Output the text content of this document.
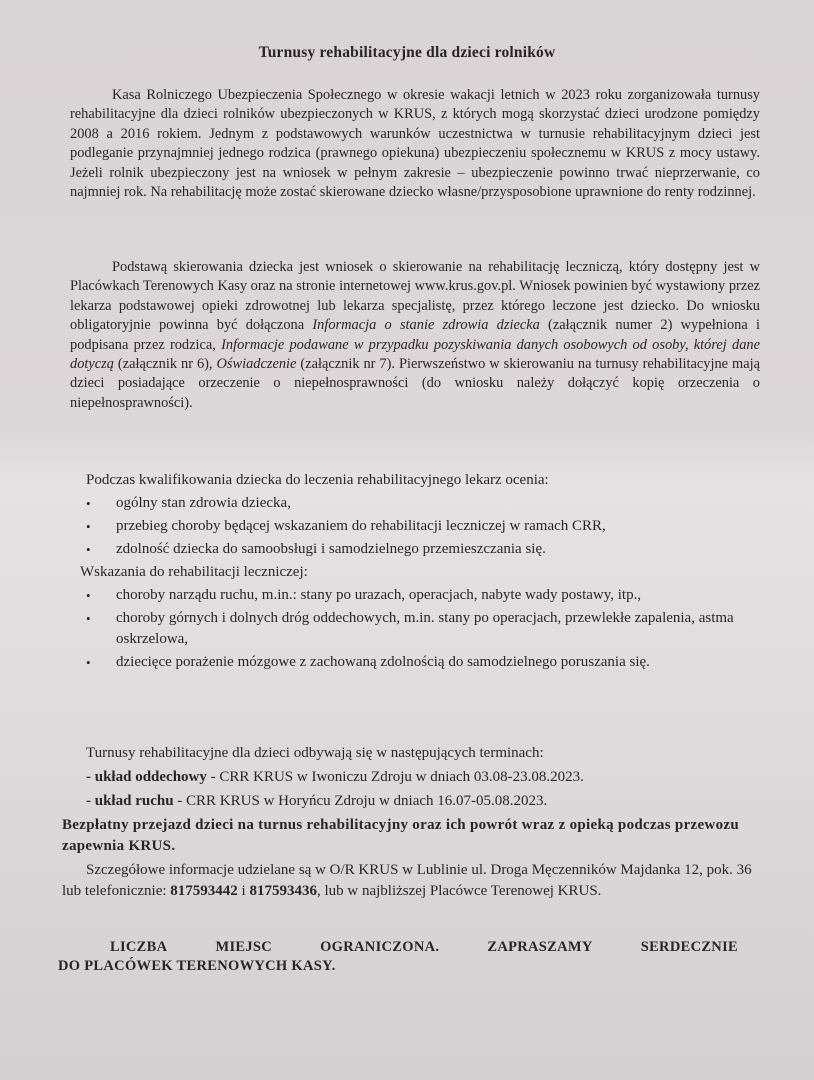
Turnusy rehabilitacyjne dla dzieci rolników
Kasa Rolniczego Ubezpieczenia Społecznego w okresie wakacji letnich w 2023 roku zorganizowała turnusy rehabilitacyjne dla dzieci rolników ubezpieczonych w KRUS, z których mogą skorzystać dzieci urodzone pomiędzy 2008 a 2016 rokiem. Jednym z podstawowych warunków uczestnictwa w turnusie rehabilitacyjnym dzieci jest podleganie przynajmniej jednego rodzica (prawnego opiekuna) ubezpieczeniu społecznemu w KRUS z mocy ustawy. Jeżeli rolnik ubezpieczony jest na wniosek w pełnym zakresie – ubezpieczenie powinno trwać nieprzerwanie, co najmniej rok. Na rehabilitację może zostać skierowane dziecko własne/przysposobione uprawnione do renty rodzinnej.
Podstawą skierowania dziecka jest wniosek o skierowanie na rehabilitację leczniczą, który dostępny jest w Placówkach Terenowych Kasy oraz na stronie internetowej www.krus.gov.pl. Wniosek powinien być wystawiony przez lekarza podstawowej opieki zdrowotnej lub lekarza specjalistę, przez którego leczone jest dziecko. Do wniosku obligatoryjnie powinna być dołączona Informacja o stanie zdrowia dziecka (załącznik numer 2) wypełniona i podpisana przez rodzica, Informacje podawane w przypadku pozyskiwania danych osobowych od osoby, której dane dotyczą (załącznik nr 6), Oświadczenie (załącznik nr 7). Pierwszeństwo w skierowaniu na turnusy rehabilitacyjne mają dzieci posiadające orzeczenie o niepełnosprawności (do wniosku należy dołączyć kopię orzeczenia o niepełnosprawności).
Podczas kwalifikowania dziecka do leczenia rehabilitacyjnego lekarz ocenia:
• ogólny stan zdrowia dziecka,
• przebieg choroby będącej wskazaniem do rehabilitacji leczniczej w ramach CRR,
• zdolność dziecka do samoobsługi i samodzielnego przemieszczania się.
Wskazania do rehabilitacji leczniczej:
• choroby narządu ruchu, m.in.: stany po urazach, operacjach, nabyte wady postawy, itp.,
• choroby górnych i dolnych dróg oddechowych, m.in. stany po operacjach, przewlekłe zapalenia, astma oskrzelowa,
• dziecięce porażenie mózgowe z zachowaną zdolnością do samodzielnego poruszania się.
Turnusy rehabilitacyjne dla dzieci odbywają się w następujących terminach:
- układ oddechowy - CRR KRUS w Iwoniczu Zdroju w dniach 03.08-23.08.2023.
- układ ruchu - CRR KRUS w Horyńcu Zdroju w dniach 16.07-05.08.2023.
Bezpłatny przejazd dzieci na turnus rehabilitacyjny oraz ich powrót wraz z opieką podczas przewozu zapewnia KRUS.
Szczegółowe informacje udzielane są w O/R KRUS w Lublinie ul. Droga Męczenników Majdanka 12, pok. 36 lub telefonicznie: 817593442 i 817593436, lub w najbliższej Placówce Terenowej KRUS.
LICZBA	MIEJSC	OGRANICZONA.	ZAPRASZAMY	SERDECZNIE
DO PLACÓWEK TERENOWYCH KASY.
